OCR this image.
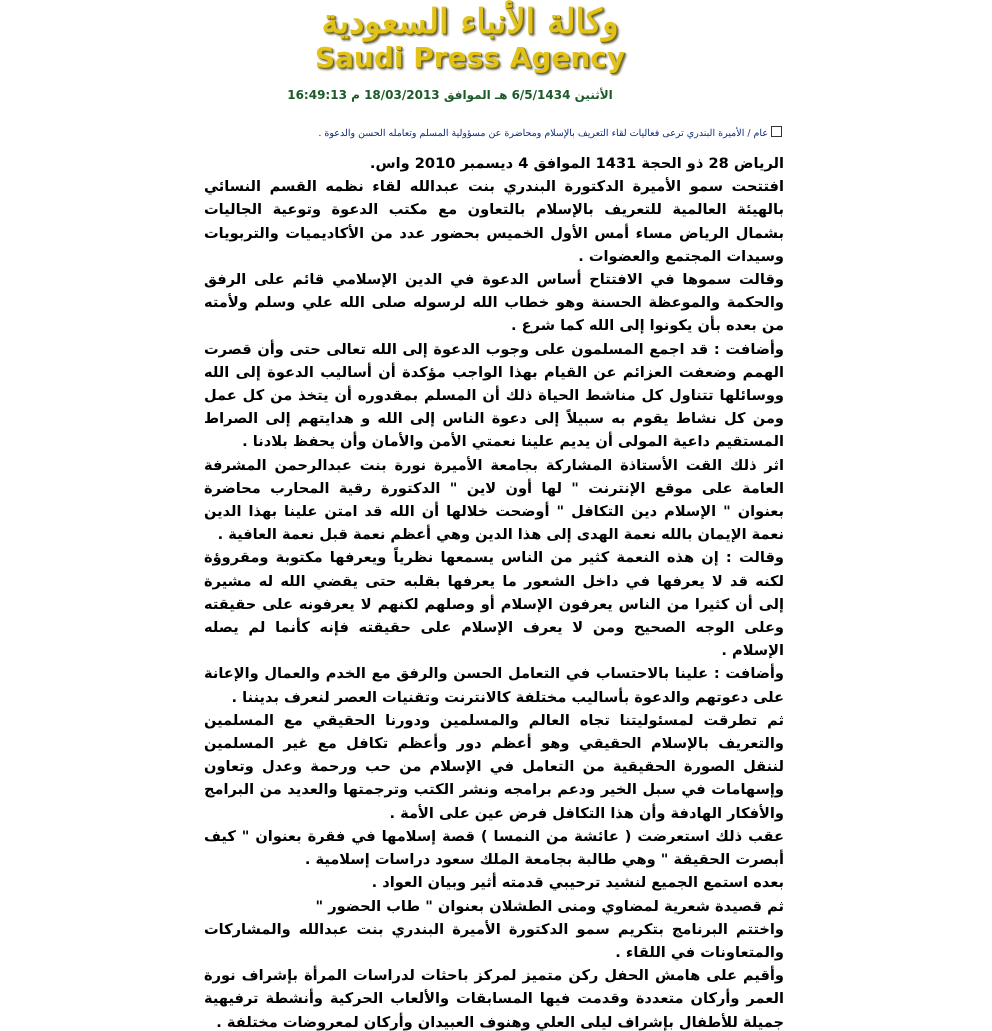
وكالة الأنباء السعودية
Saudi Press Agency
الأثنين 6/5/1434 هـ الموافق 18/03/2013 م 16:49:13
عام/الأميرة البندري ترعى فعاليات لقاء التعريف بالإسلام ومحاضرة عن مسؤولية المسلم وتعامله الحسن والدعوة .

الرياض 28 ذو الحجة 1431 الموافق 4 ديسمبر 2010 واس.

افتتحت سمو الأميرة الدكتورة البندري بنت عبدالله لقاء نظمه القسم النسائي بالهيئة العالمية للتعريف بالإسلام بالتعاون مع مكتب الدعوة وتوعية الجاليات بشمال الرياض مساء أمس الأول الخميس بحضور عدد من الأكاديميات والتربويات وسيدات المجتمع والعضوات .

وقالت سموها في الافتتاح أساس الدعوة في الدين الإسلامي قائم على الرفق والحكمة والموعظة الحسنة وهو خطاب الله لرسوله صلى الله علي وسلم ولأمته من بعده بأن يكونوا إلى الله كما شرع .

وأضافت : قد اجمع المسلمون على وجوب الدعوة إلى الله تعالى حتى وأن قصرت الهمم وضعفت العزائم عن القيام بهذا الواجب مؤكدة أن أساليب الدعوة إلى الله ووسائلها تتناول كل مناشط الحياة ذلك أن المسلم بمقدوره أن يتخذ من كل عمل ومن كل نشاط يقوم به سبيلاً إلى دعوة الناس إلى الله و هدايتهم إلى الصراط المستقيم داعية المولى أن يديم علينا نعمتي الأمن والأمان وأن يحفظ بلادنا .

اثر ذلك القت الأستاذة المشاركة بجامعة الأميرة نورة بنت عبدالرحمن المشرفة العامة على موقع الإنترنت " لها أون لاين " الدكتورة رقية المحارب محاضرة بعنوان " الإسلام دين التكافل " أوضحت خلالها أن الله قد امتن علينا بهذا الدين نعمة الإيمان بالله نعمة الهدى إلى هذا الدين وهي أعظم نعمة قبل نعمة العافية .

وقالت : إن هذه النعمة كثير من الناس يسمعها نظرياً ويعرفها مكتوبة ومقروؤة لكنه قد لا يعرفها في داخل الشعور ما يعرفها بقلبه حتى يقضي الله له مشيرة إلى أن كثيرا من الناس يعرفون الإسلام أو وصلهم لكنهم لا يعرفونه على حقيقته وعلى الوجه الصحيح ومن لا يعرف الإسلام على حقيقته فإنه كأنما لم يصله الإسلام .

وأضافت : علينا بالاحتساب في التعامل الحسن والرفق مع الخدم والعمال والإعانة على دعوتهم والدعوة بأساليب مختلفة كالانترنت وتقنيات العصر لنعرف بديننا .

ثم تطرقت لمسئوليتنا تجاه العالم والمسلمين ودورنا الحقيقي مع المسلمين والتعريف بالإسلام الحقيقي وهو أعظم دور وأعظم تكافل مع غير المسلمين لننقل الصورة الحقيقية من التعامل في الإسلام من حب ورحمة وعدل وتعاون وإسهامات في سبل الخير ودعم برامجه ونشر الكتب وترجمتها والعديد من البرامج والأفكار الهادفة وأن هذا التكافل فرض عين على الأمة .

عقب ذلك استعرضت ( عائشة من النمسا ) قصة إسلامها في فقرة بعنوان " كيف أبصرت الحقيقة " وهي طالبة بجامعة الملك سعود دراسات إسلامية .

بعده استمع الجميع لنشيد ترحيبي قدمته أثير وبيان العواد .

ثم قصيدة شعرية لمضاوي ومنى الطشلان بعنوان " طاب الحضور "

واختتم البرنامج بتكريم سمو الدكتورة الأميرة البندري بنت عبدالله والمشاركات والمتعاونات في اللقاء .

وأقيم على هامش الحفل ركن متميز لمركز باحثات لدراسات المرأة بإشراف نورة العمر وأركان متعددة وقدمت فيها المسابقات والألعاب الحركية وأنشطة ترفيهية جميلة للأطفال بإشراف ليلى العلي وهنوف العبيدان وأركان لمعروضات مختلفة .
